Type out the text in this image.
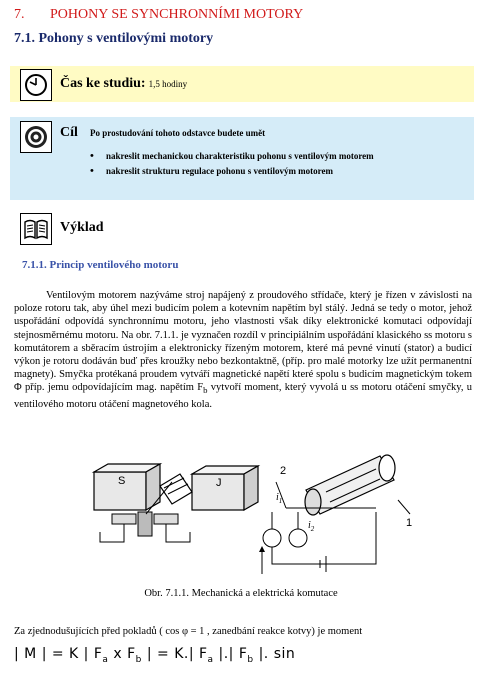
7. POHONY SE SYNCHRONNÍMI MOTORY
7.1. Pohony s ventilovými motory
Čas ke studiu: 1,5 hodiny
Cíl Po prostudování tohoto odstavce budete umět
• nakreslit mechanickou charakteristiku pohonu s ventilovým motorem
• nakreslit strukturu regulace pohonu s ventilovým motorem
Výklad
7.1.1. Princip ventilového motoru

Ventilovým motorem nazýváme stroj napájený z proudového střídače, který je řízen v závislosti na poloze rotoru tak, aby úhel mezi budicím polem a kotevním napětím byl stálý. Jedná se tedy o motor, jehož uspořádání odpovídá synchronnímu motoru, jeho vlastnosti však díky elektronické komutaci odpovídají stejnosměrnému motoru. Na obr. 7.1.1. je vyznačen rozdíl v principiálním uspořádání klasického ss motoru s komutátorem a sběracím ústrojím a elektronicky řízeným motorem, které má pevné vinutí (stator) a budicí výkon je rotoru dodáván buď přes kroužky nebo bezkontaktně, (příp. pro malé motorky lze užít permanentní magnety). Smyčka protékaná proudem vytváří magnetické napětí které spolu s budicím magnetickým tokem Φ příp. jemu odpovídajícím mag. napětím $F_b$ vytvoří moment, který vyvolá u ss motoru otáčení smyčky, u ventilového motoru otáčení magnetového kola.

S	J
2
1
$i_1$
$i_2$
Obr. 7.1.1. Mechanická a elektrická komutace
Za zjednodušujících před pokladů ( cos φ = 1 , zanedbání reakce kotvy) je moment
| M | = K | $F_a$ x $F_b$ | = K.| $F_a$ |.| $F_b$ |. sin
